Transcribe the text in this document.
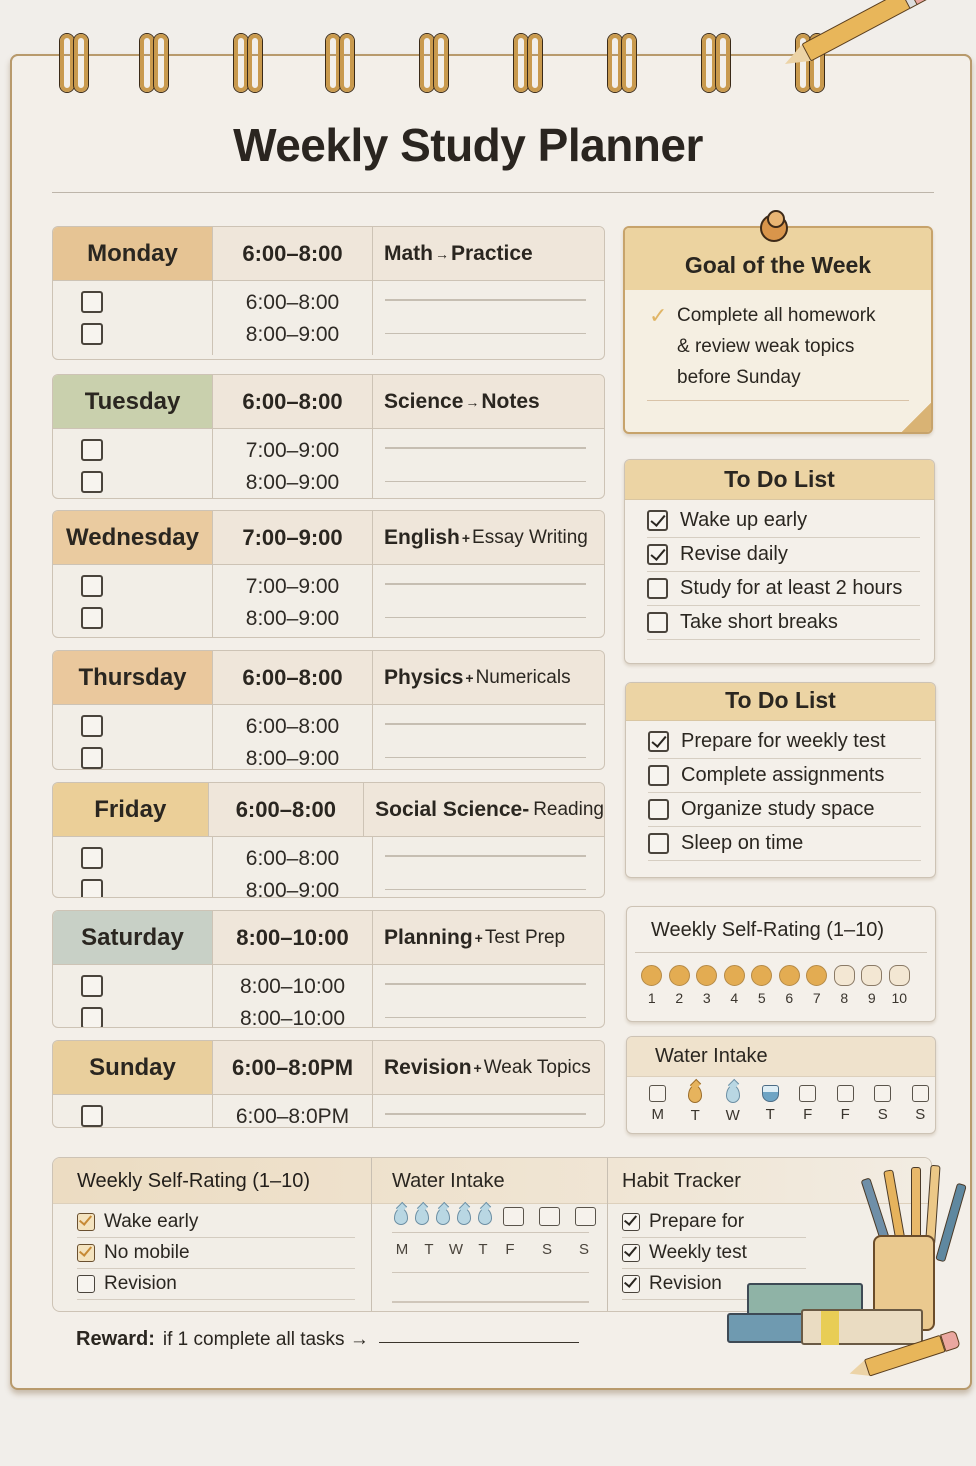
Weekly Study Planner
Monday	6:00–8:00	Math → Practice
6:00–8:00
8:00–9:00
Tuesday	6:00–8:00	Science → Notes
7:00–9:00
8:00–9:00
Wednesday	7:00–9:00	English + Essay Writing
7:00–9:00
8:00–9:00
Thursday	6:00–8:00	Physics + Numericals
6:00–8:00
8:00–9:00
Friday	6:00–8:00	Social Science- Reading
6:00–8:00
8:00–9:00
Saturday	8:00–10:00	Planning + Test Prep
8:00–10:00
8:00–10:00
Sunday	6:00–8:0PM	Revision + Weak Topics
6:00–8:0PM
Goal of the Week
✓ Complete all homework
& review weak topics
before Sunday
To Do List
Wake up early
Revise daily
Study for at least 2 hours
Take short breaks
To Do List
Prepare for weekly test
Complete assignments
Organize study space
Sleep on time
Weekly Self-Rating (1–10)
1	2	3	4	5	6	7	8	9	10
Water Intake
M	T	W	T	F	F	S	S
Weekly Self-Rating (1–10)
Wake early
No mobile
Revision
Water Intake
M	T	W	T	F	S	S
Habit Tracker
Prepare for
Weekly test
Revision
Reward: if 1 complete all tasks →
